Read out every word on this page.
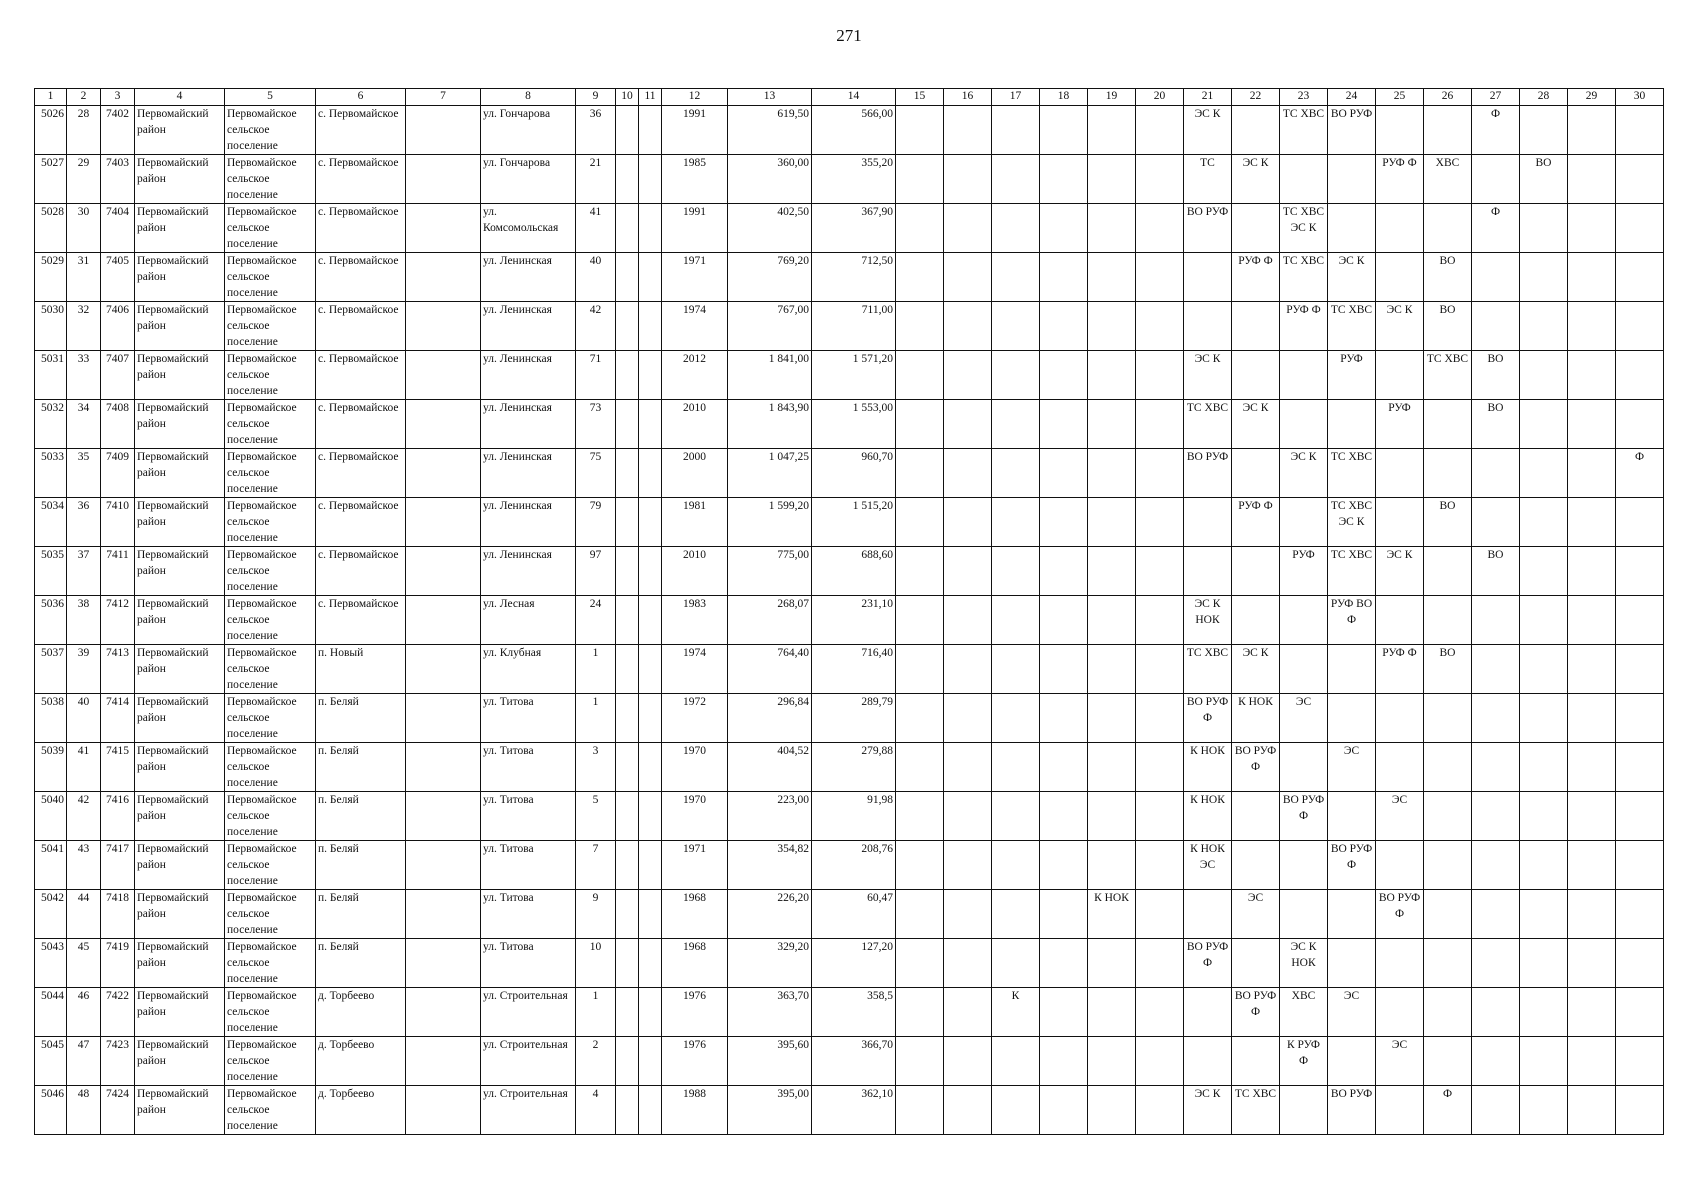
271
1	2	3	4	5	6	7	8	9	10	11	12	13	14	15	16	17	18	19	20	21	22	23	24	25	26	27	28	29	30
5026	28	7402	Первомайский район	Первомайское сельское поселение	с. Первомайское		ул. Гончарова	36			1991	619,50	566,00							ЭС К		ТС ХВС	ВО РУФ			Ф			
5027	29	7403	Первомайский район	Первомайское сельское поселение	с. Первомайское		ул. Гончарова	21			1985	360,00	355,20							ТС	ЭС К			РУФ Ф	ХВС		ВО		
5028	30	7404	Первомайский район	Первомайское сельское поселение	с. Первомайское		ул. Комсомольская	41			1991	402,50	367,90							ВО РУФ		ТС ХВС ЭС К				Ф			
5029	31	7405	Первомайский район	Первомайское сельское поселение	с. Первомайское		ул. Ленинская	40			1971	769,20	712,50								РУФ Ф	ТС ХВС	ЭС К		ВО				
5030	32	7406	Первомайский район	Первомайское сельское поселение	с. Первомайское		ул. Ленинская	42			1974	767,00	711,00									РУФ Ф	ТС ХВС	ЭС К	ВО				
5031	33	7407	Первомайский район	Первомайское сельское поселение	с. Первомайское		ул. Ленинская	71			2012	1 841,00	1 571,20							ЭС К			РУФ		ТС ХВС	ВО			
5032	34	7408	Первомайский район	Первомайское сельское поселение	с. Первомайское		ул. Ленинская	73			2010	1 843,90	1 553,00							ТС ХВС	ЭС К			РУФ		ВО			
5033	35	7409	Первомайский район	Первомайское сельское поселение	с. Первомайское		ул. Ленинская	75			2000	1 047,25	960,70							ВО РУФ		ЭС К	ТС ХВС						Ф
5034	36	7410	Первомайский район	Первомайское сельское поселение	с. Первомайское		ул. Ленинская	79			1981	1 599,20	1 515,20								РУФ Ф		ТС ХВС ЭС К		ВО				
5035	37	7411	Первомайский район	Первомайское сельское поселение	с. Первомайское		ул. Ленинская	97			2010	775,00	688,60									РУФ	ТС ХВС	ЭС К		ВО			
5036	38	7412	Первомайский район	Первомайское сельское поселение	с. Первомайское		ул. Лесная	24			1983	268,07	231,10							ЭС К НОК			РУФ ВО Ф						
5037	39	7413	Первомайский район	Первомайское сельское поселение	п. Новый		ул. Клубная	1			1974	764,40	716,40							ТС ХВС	ЭС К			РУФ Ф	ВО				
5038	40	7414	Первомайский район	Первомайское сельское поселение	п. Беляй		ул. Титова	1			1972	296,84	289,79							ВО РУФ Ф	К НОК	ЭС							
5039	41	7415	Первомайский район	Первомайское сельское поселение	п. Беляй		ул. Титова	3			1970	404,52	279,88							К НОК	ВО РУФ Ф		ЭС						
5040	42	7416	Первомайский район	Первомайское сельское поселение	п. Беляй		ул. Титова	5			1970	223,00	91,98							К НОК		ВО РУФ Ф		ЭС					
5041	43	7417	Первомайский район	Первомайское сельское поселение	п. Беляй		ул. Титова	7			1971	354,82	208,76							К НОК ЭС			ВО РУФ Ф						
5042	44	7418	Первомайский район	Первомайское сельское поселение	п. Беляй		ул. Титова	9			1968	226,20	60,47					К НОК			ЭС			ВО РУФ Ф					
5043	45	7419	Первомайский район	Первомайское сельское поселение	п. Беляй		ул. Титова	10			1968	329,20	127,20							ВО РУФ Ф		ЭС К НОК							
5044	46	7422	Первомайский район	Первомайское сельское поселение	д. Торбеево		ул. Строительная	1			1976	363,70	358,5			К					ВО РУФ Ф	ХВС	ЭС						
5045	47	7423	Первомайский район	Первомайское сельское поселение	д. Торбеево		ул. Строительная	2			1976	395,60	366,70									К РУФ Ф		ЭС					
5046	48	7424	Первомайский район	Первомайское сельское поселение	д. Торбеево		ул. Строительная	4			1988	395,00	362,10							ЭС К	ТС ХВС		ВО РУФ		Ф				
